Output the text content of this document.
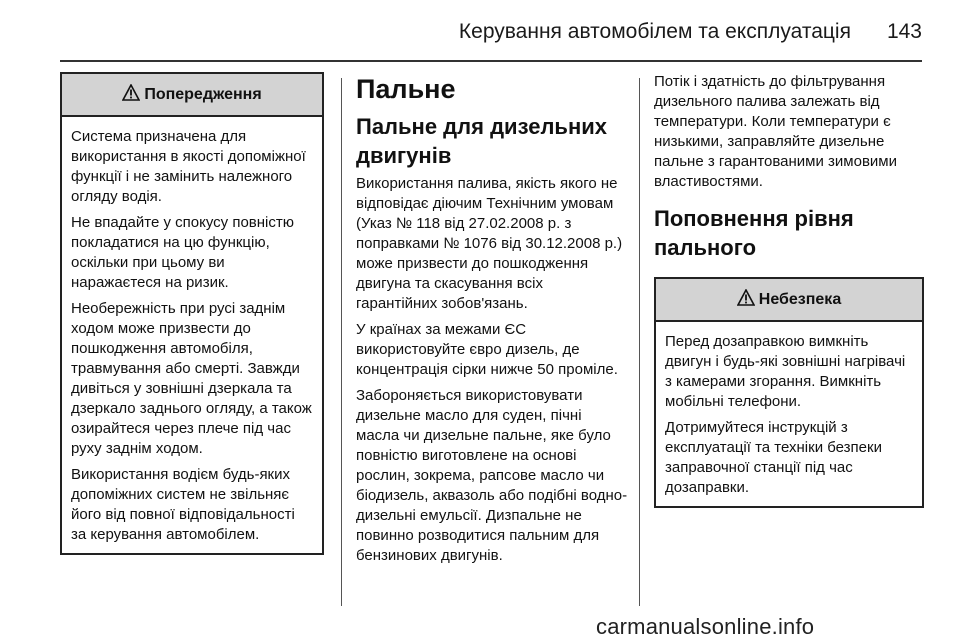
Керування автомобілем та експлуатація 143
Попередження

Система призначена для використання в якості допоміжної функції і не замінить належного огляду водія.

Не впадайте у спокусу повністю покладатися на цю функцію, оскільки при цьому ви наражаєтеся на ризик.

Необережність при русі заднім ходом може призвести до пошкодження автомобіля, травмування або смерті. Завжди дивіться у зовнішні дзеркала та дзеркало заднього огляду, а також озирайтеся через плече під час руху заднім ходом.

Використання водієм будь-яких допоміжних систем не звільняє його від повної відповідальності за керування автомобілем.

Пальне
Пальне для дизельних двигунів

Використання палива, якість якого не відповідає діючим Технічним умовам (Указ № 118 від 27.02.2008 р. з поправками № 1076 від 30.12.2008 р.) може призвести до пошкодження двигуна та скасування всіх гарантійних зобов'язань.

У країнах за межами ЄС використовуйте євро дизель, де концентрація сірки нижче 50 проміле.

Забороняється використовувати дизельне масло для суден, пічні масла чи дизельне пальне, яке було повністю виготовлене на основі рослин, зокрема, рапсове масло чи біодизель, аквазоль або подібні водно-дизельні емульсії. Дизпальне не повинно розводитися пальним для бензинових двигунів.

Потік і здатність до фільтрування дизельного палива залежать від температури. Коли температури є низькими, заправляйте дизельне пальне з гарантованими зимовими властивостями.

Поповнення рівня пального
Небезпека

Перед дозаправкою вимкніть двигун і будь-які зовнішні нагрівачі з камерами згорання. Вимкніть мобільні телефони.

Дотримуйтеся інструкцій з експлуатації та техніки безпеки заправочної станції під час дозаправки.

carmanualsonline.info
